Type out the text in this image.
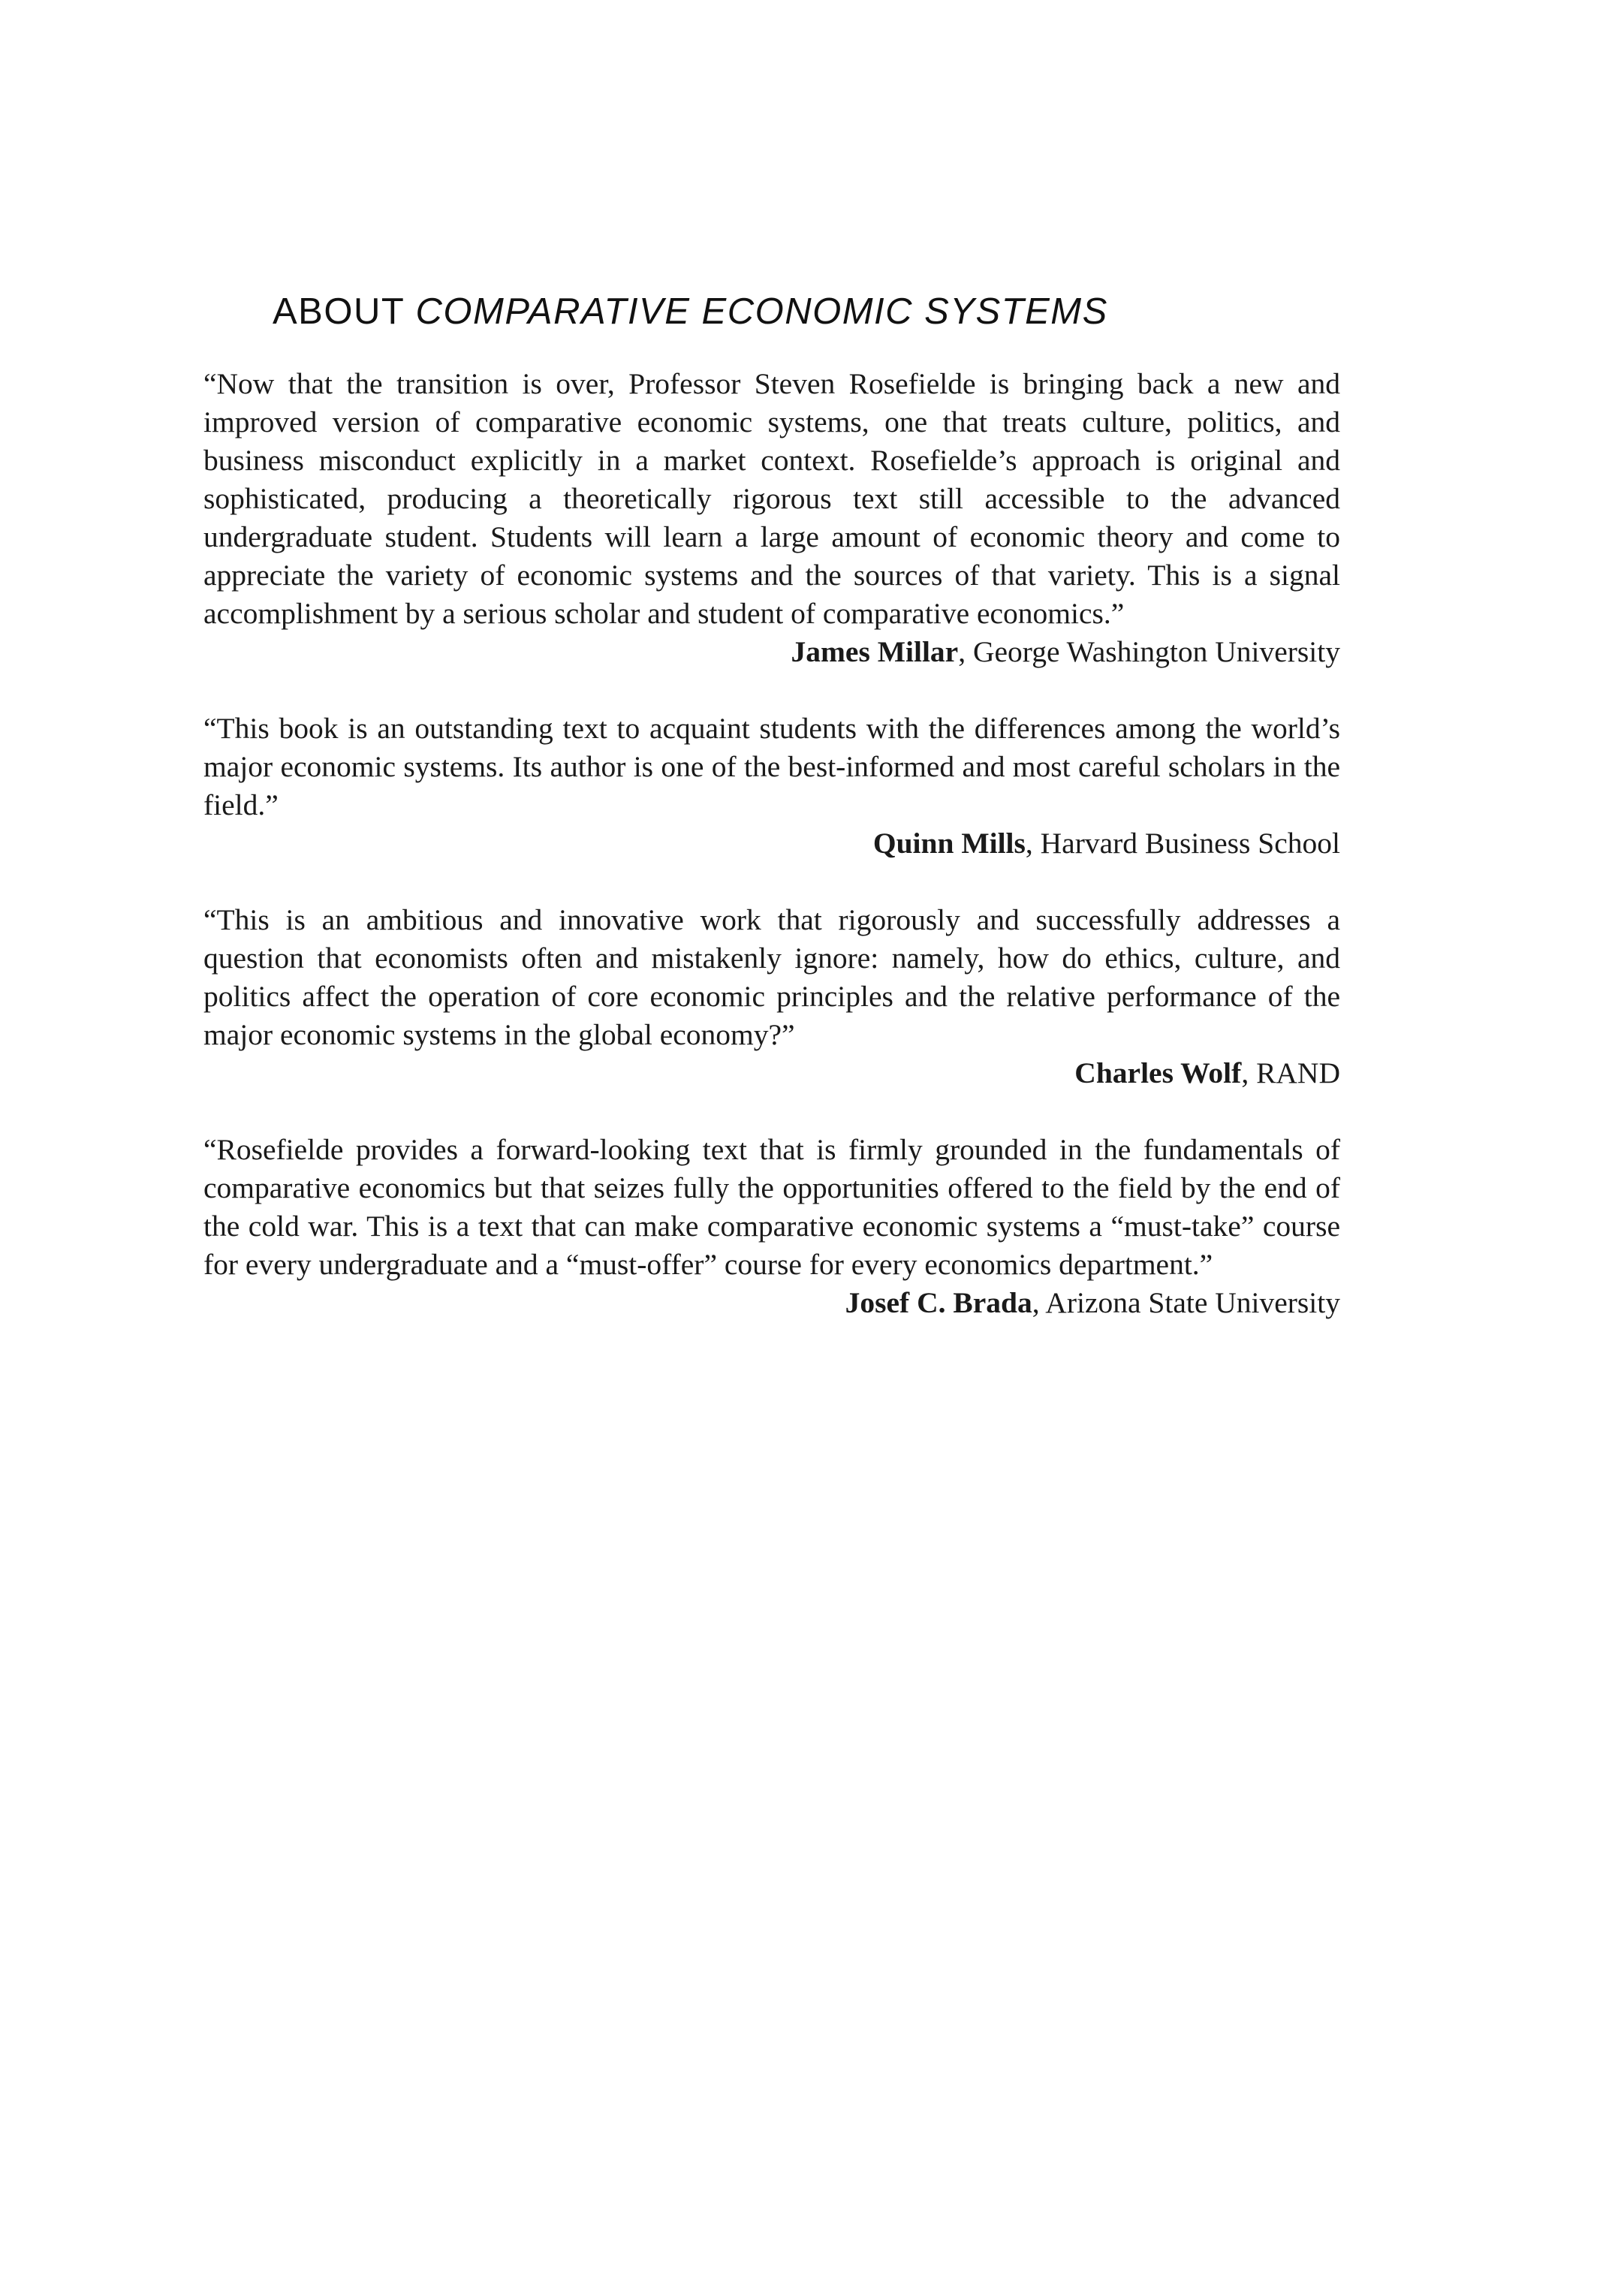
ABOUT COMPARATIVE ECONOMIC SYSTEMS

“Now that the transition is over, Professor Steven Rosefielde is bringing back a new and improved version of comparative economic systems, one that treats culture, politics, and business misconduct explicitly in a market context. Rosefielde’s approach is original and sophisticated, producing a theoretically rigorous text still accessible to the advanced undergraduate student. Students will learn a large amount of economic theory and come to appreciate the variety of economic systems and the sources of that variety. This is a signal accomplishment by a serious scholar and student of comparative economics.”

James Millar, George Washington University

“This book is an outstanding text to acquaint students with the differences among the world’s major economic systems. Its author is one of the best-informed and most careful scholars in the field.”

Quinn Mills, Harvard Business School

“This is an ambitious and innovative work that rigorously and successfully addresses a question that economists often and mistakenly ignore: namely, how do ethics, culture, and politics affect the operation of core economic principles and the relative performance of the major economic systems in the global economy?”

Charles Wolf, RAND

“Rosefielde provides a forward-looking text that is firmly grounded in the fundamentals of comparative economics but that seizes fully the opportunities offered to the field by the end of the cold war. This is a text that can make comparative economic systems a “must-take” course for every undergraduate and a “must-offer” course for every economics department.”

Josef C. Brada, Arizona State University
